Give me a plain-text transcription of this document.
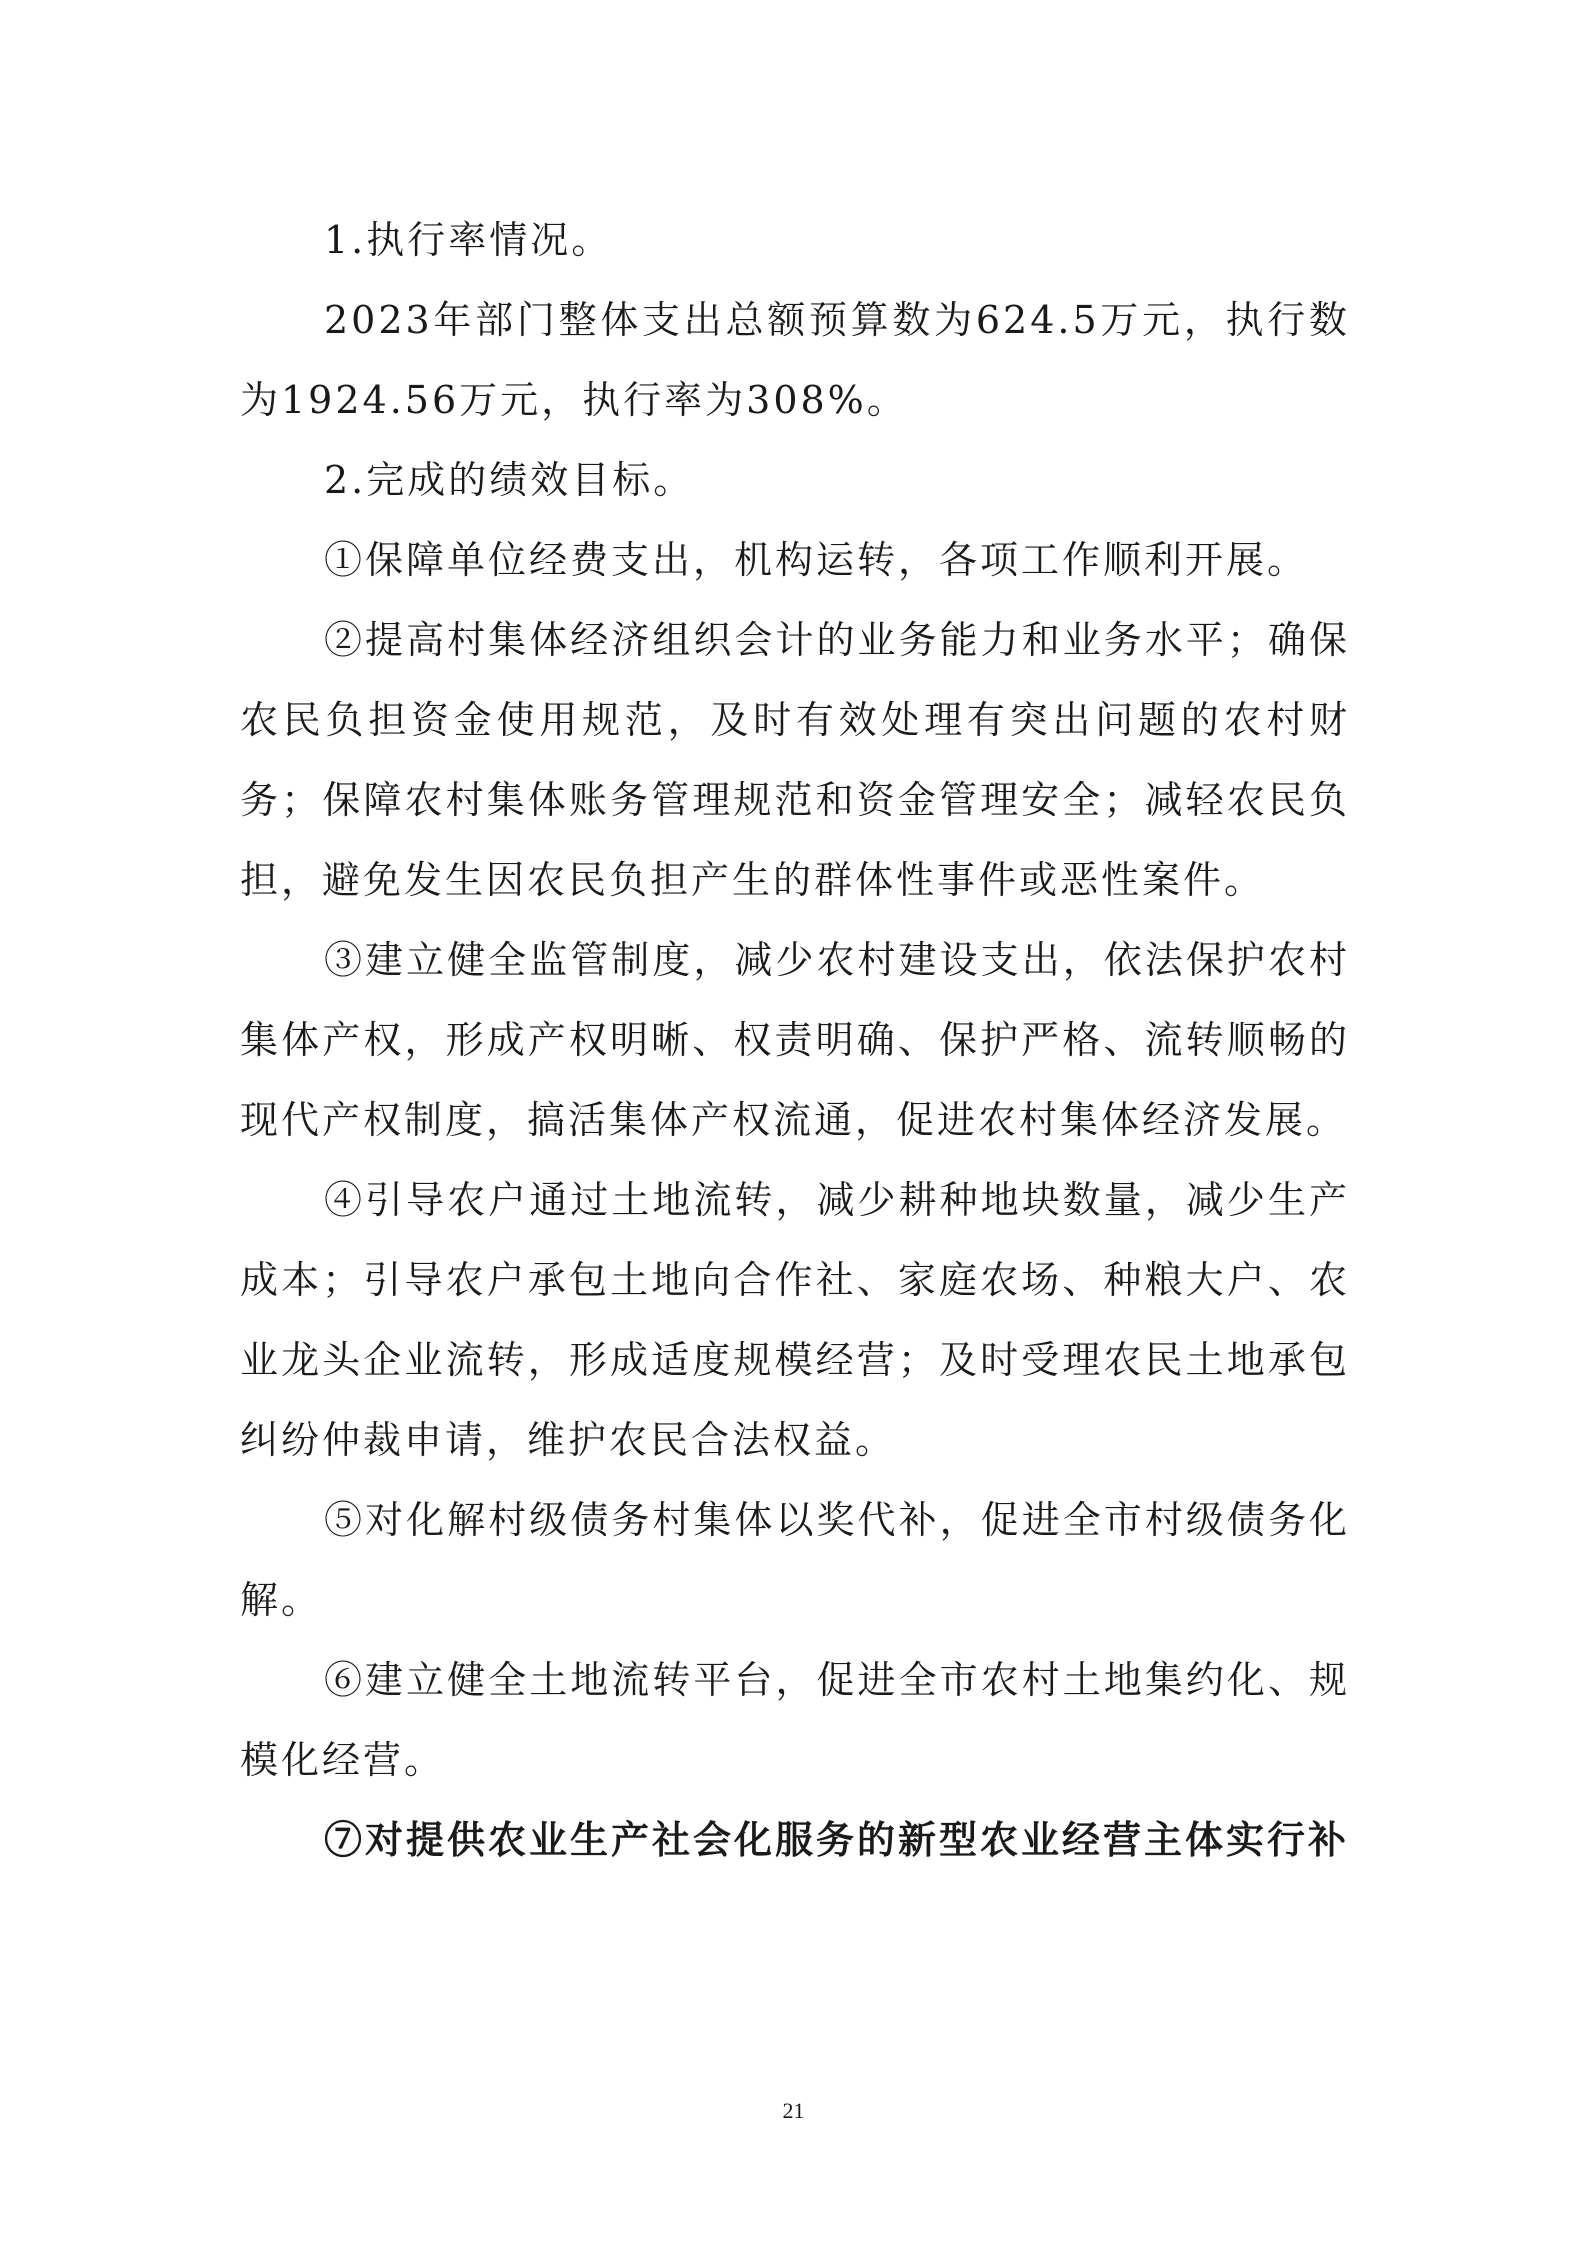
1.执行率情况。

2023年部门整体支出总额预算数为624.5万元，执行数为1924.56万元，执行率为308%。

2.完成的绩效目标。

①保障单位经费支出，机构运转，各项工作顺利开展。

②提高村集体经济组织会计的业务能力和业务水平；确保农民负担资金使用规范，及时有效处理有突出问题的农村财务；保障农村集体账务管理规范和资金管理安全；减轻农民负担，避免发生因农民负担产生的群体性事件或恶性案件。

③建立健全监管制度，减少农村建设支出，依法保护农村集体产权，形成产权明晰、权责明确、保护严格、流转顺畅的现代产权制度，搞活集体产权流通，促进农村集体经济发展。

④引导农户通过土地流转，减少耕种地块数量，减少生产成本；引导农户承包土地向合作社、家庭农场、种粮大户、农业龙头企业流转，形成适度规模经营；及时受理农民土地承包纠纷仲裁申请，维护农民合法权益。

⑤对化解村级债务村集体以奖代补，促进全市村级债务化解。

⑥建立健全土地流转平台，促进全市农村土地集约化、规模化经营。

⑦对提供农业生产社会化服务的新型农业经营主体实行补

21
